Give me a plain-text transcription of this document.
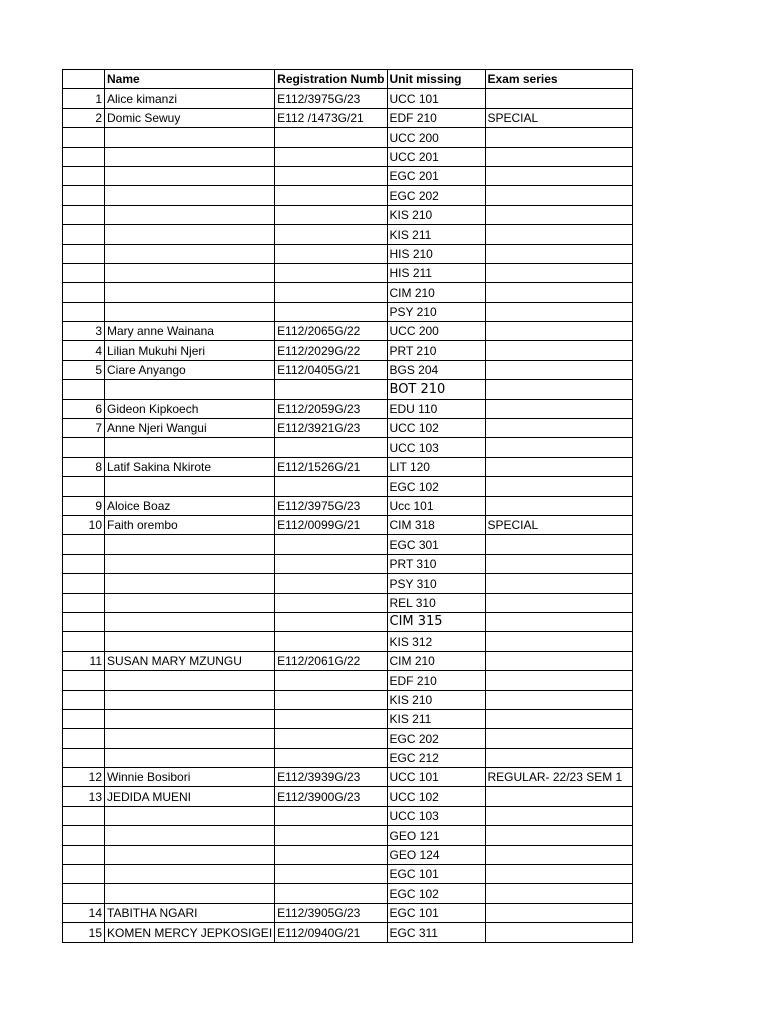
	Name	Registration Numb	Unit missing	Exam series
1	Alice kimanzi	E112/3975G/23	UCC 101	
2	Domic Sewuy	E112 /1473G/21	EDF 210	SPECIAL
			UCC 200	
			UCC 201	
			EGC 201	
			EGC 202	
			KIS 210	
			KIS 211	
			HIS 210	
			HIS 211	
			CIM 210	
			PSY 210	
3	Mary anne Wainana	E112/2065G/22	UCC 200	
4	Lilian Mukuhi Njeri	E112/2029G/22	PRT 210	
5	Ciare Anyango	E112/0405G/21	BGS 204	
			BOT 210	
6	Gideon Kipkoech	E112/2059G/23	EDU 110	
7	Anne Njeri Wangui	E112/3921G/23	UCC 102	
			UCC 103	
8	Latif Sakina Nkirote	E112/1526G/21	LIT 120	
			EGC 102	
9	Aloice Boaz	E112/3975G/23	Ucc 101	
10	Faith orembo	E112/0099G/21	CIM 318	SPECIAL
			EGC 301	
			PRT 310	
			PSY 310	
			REL 310	
			CIM 315	
			KIS 312	
11	SUSAN MARY MZUNGU	E112/2061G/22	CIM 210	
			EDF 210	
			KIS 210	
			KIS 211	
			EGC 202	
			EGC 212	
12	Winnie Bosibori	E112/3939G/23	UCC 101	REGULAR- 22/23 SEM 1
13	JEDIDA MUENI	E112/3900G/23	UCC 102	
			UCC 103	
			GEO 121	
			GEO 124	
			EGC 101	
			EGC 102	
14	TABITHA NGARI	E112/3905G/23	EGC 101	
15	KOMEN MERCY JEPKOSIGEI	E112/0940G/21	EGC 311	
